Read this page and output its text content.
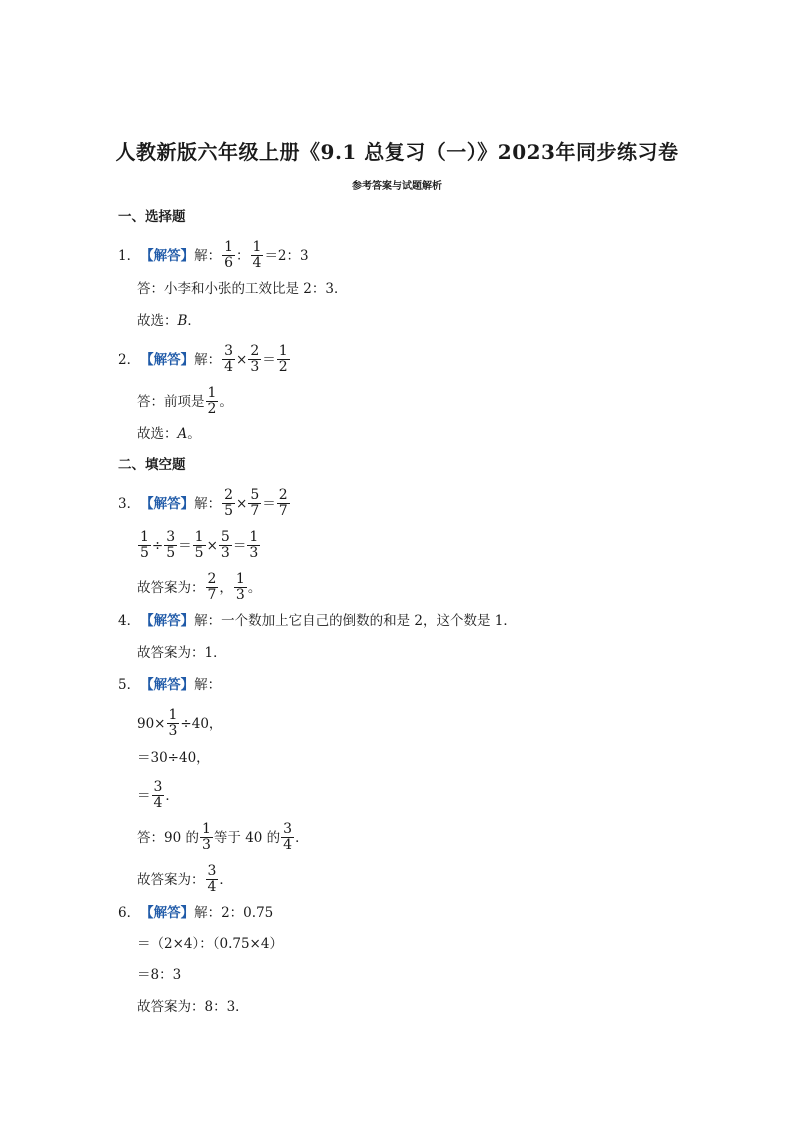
人教新版六年级上册《9.1 总复习（一）》2023年同步练习卷
参考答案与试题解析
一、选择题
1． 【解答】 解： $\frac{1}{6}$ ： $\frac{1}{4} =2$：3
答：小李和小张的工效比是 2：3．
故选： B ．
2． 【解答】 解： $\frac{3}{4} \times \frac{2}{3} = \frac{1}{2}$
答：前项是 $\frac{1}{2}$ 。
故选： A 。
二、填空题
3． 【解答】 解： $\frac{2}{5} \times \frac{5}{7} = \frac{2}{7}$
$\frac{1}{5} \div \frac{3}{5} = \frac{1}{5} \times \frac{5}{3} = \frac{1}{3}$
故答案为： $\frac{2}{7}$ ， $\frac{1}{3}$ 。
4． 【解答】 解：一个数加上它自己的倒数的和是 2，这个数是 1．
故答案为：1．
5． 【解答】 解：
$90\times \frac{1}{3} \div 40$，
＝30÷40，
＝ $\frac{3}{4}$ ．
答：90 的 $\frac{1}{3}$ 等于 40 的 $\frac{3}{4}$ ．
故答案为： $\frac{3}{4}$ ．
6． 【解答】 解：2：0.75
＝（2×4）：（0.75×4）
＝8：3
故答案为：8：3．
